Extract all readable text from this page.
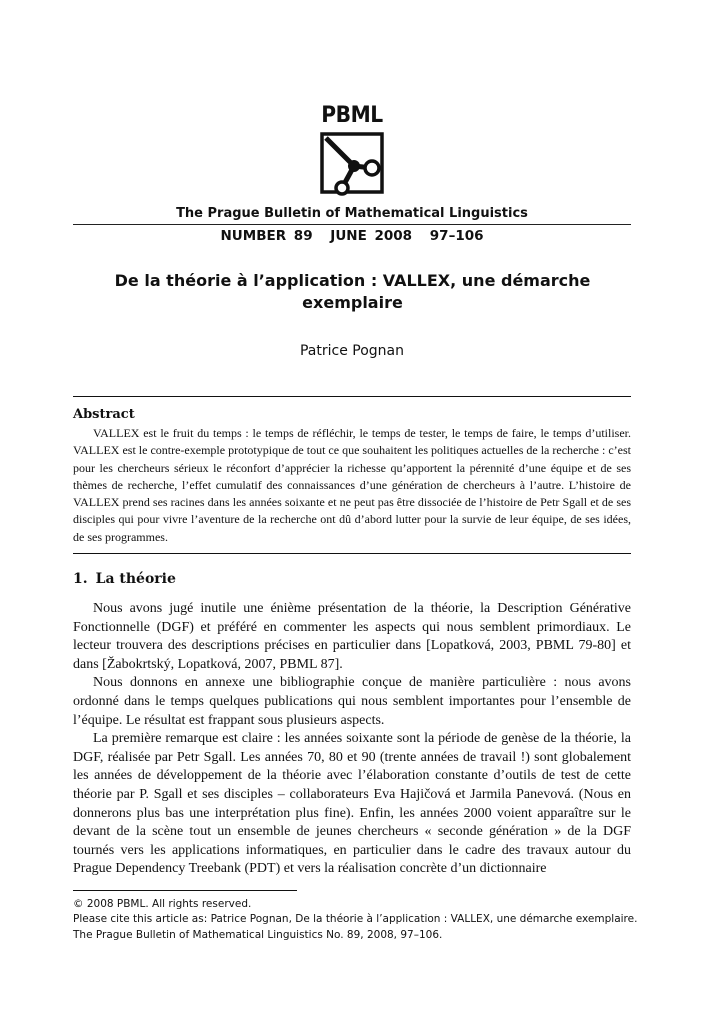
PBML
The Prague Bulletin of Mathematical Linguistics
NUMBER 89 JUNE 2008 97–106
De la théorie à l’application : VALLEX, une démarche exemplaire
Patrice Pognan
Abstract
VALLEX est le fruit du temps : le temps de réfléchir, le temps de tester, le temps de faire, le temps d’utiliser. VALLEX est le contre-exemple prototypique de tout ce que souhaitent les politiques actuelles de la recherche : c’est pour les chercheurs sérieux le réconfort d’apprécier la richesse qu’apportent la pérennité d’une équipe et de ses thèmes de recherche, l’effet cumulatif des connaissances d’une génération de chercheurs à l’autre. L’histoire de VALLEX prend ses racines dans les années soixante et ne peut pas être dissociée de l’histoire de Petr Sgall et de ses disciples qui pour vivre l’aventure de la recherche ont dû d’abord lutter pour la survie de leur équipe, de ses idées, de ses programmes.
1. La théorie

Nous avons jugé inutile une énième présentation de la théorie, la Description Générative Fonctionnelle (DGF) et préféré en commenter les aspects qui nous semblent primordiaux. Le lecteur trouvera des descriptions précises en particulier dans [Lopatková, 2003, PBML 79-80] et dans [Žabokrtský, Lopatková, 2007, PBML 87].

Nous donnons en annexe une bibliographie conçue de manière particulière : nous avons ordonné dans le temps quelques publications qui nous semblent importantes pour l’ensemble de l’équipe. Le résultat est frappant sous plusieurs aspects.

La première remarque est claire : les années soixante sont la période de genèse de la théorie, la DGF, réalisée par Petr Sgall. Les années 70, 80 et 90 (trente années de travail !) sont globalement les années de développement de la théorie avec l’élaboration constante d’outils de test de cette théorie par P. Sgall et ses disciples – collaborateurs Eva Hajičová et Jarmila Panevová. (Nous en donnerons plus bas une interprétation plus fine). Enfin, les années 2000 voient apparaître sur le devant de la scène tout un ensemble de jeunes chercheurs « seconde génération » de la DGF tournés vers les applications informatiques, en particulier dans le cadre des travaux autour du Prague Dependency Treebank (PDT) et vers la réalisation concrète d’un dictionnaire

© 2008 PBML. All rights reserved.
Please cite this article as: Patrice Pognan, De la théorie à l’application : VALLEX, une démarche exemplaire.
The Prague Bulletin of Mathematical Linguistics No. 89, 2008, 97–106.
